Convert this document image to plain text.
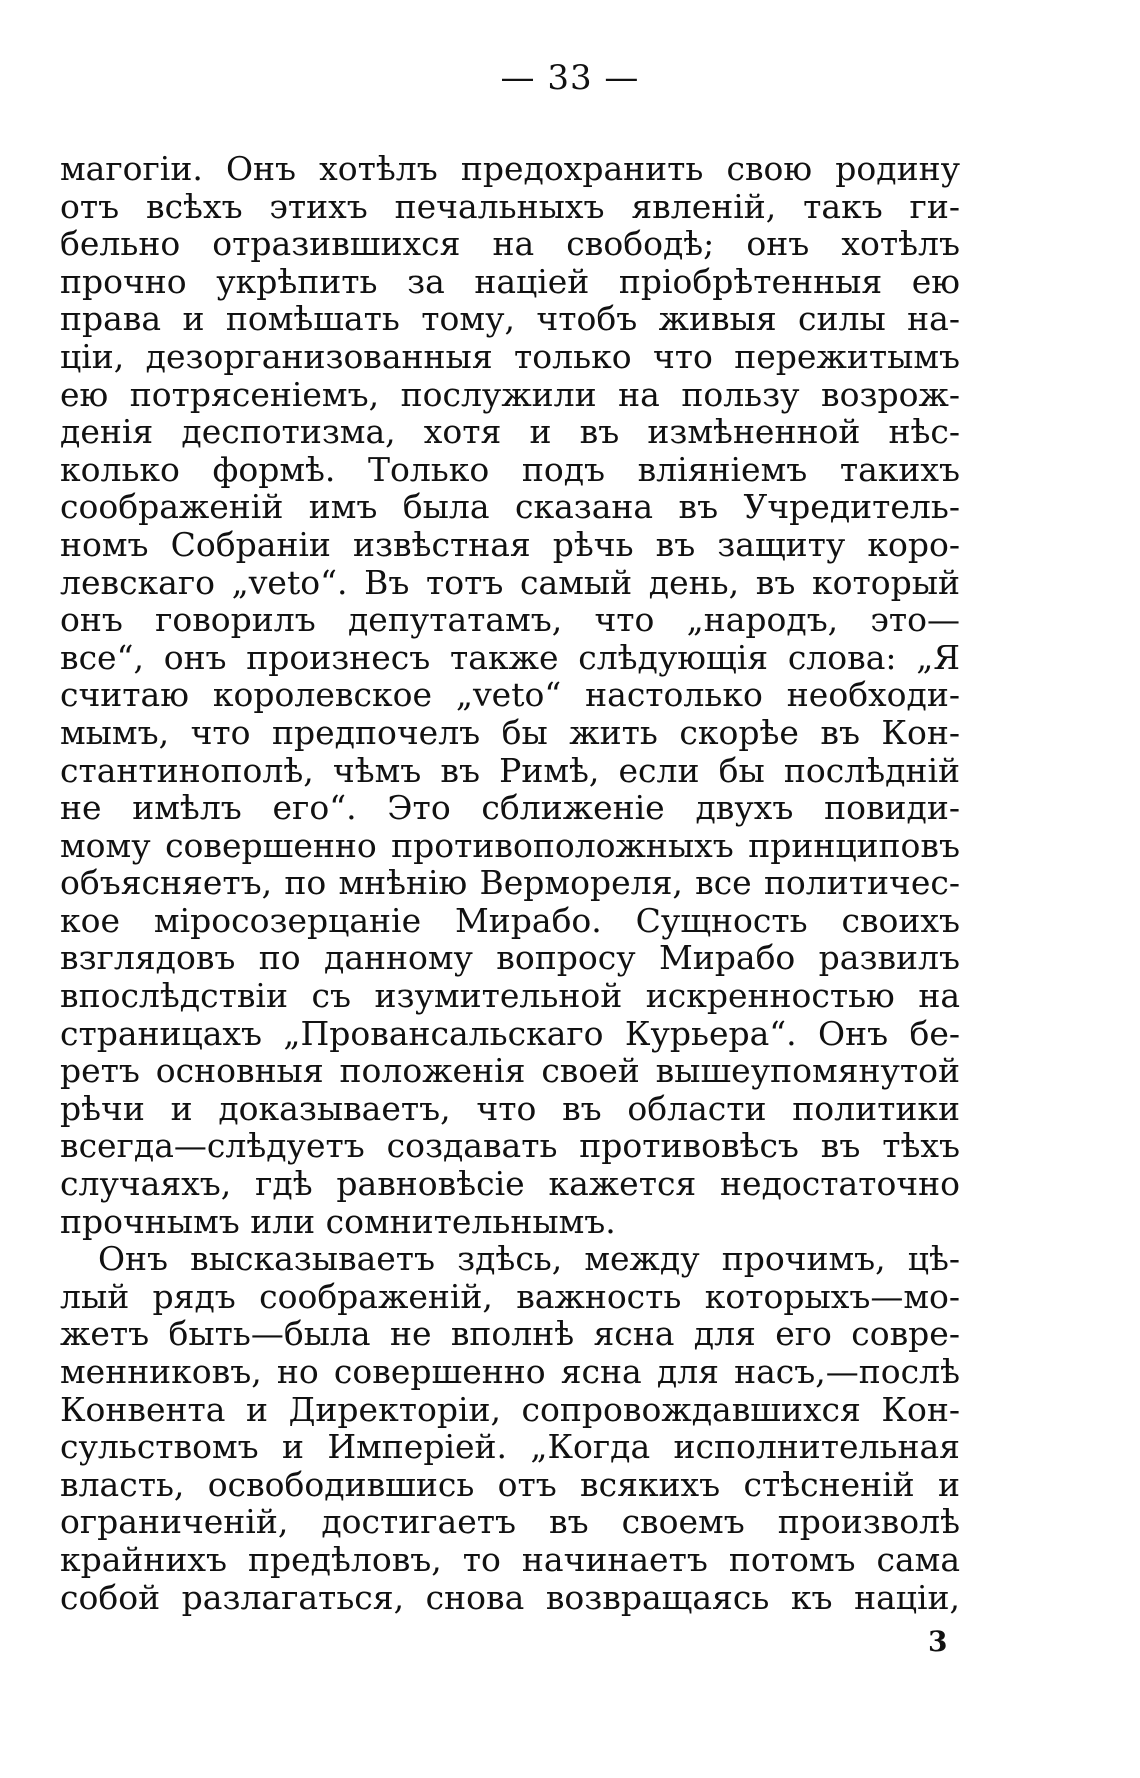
— 33 —
магогіи. Онъ хотѣлъ предохранить свою родину
отъ всѣхъ этихъ печальныхъ явленій, такъ ги-
бельно отразившихся на свободѣ; онъ хотѣлъ
прочно укрѣпить за націей пріобрѣтенныя ею
права и помѣшать тому, чтобъ живыя силы на-
ціи, дезорганизованныя только что пережитымъ
ею потрясеніемъ, послужили на пользу возрож-
денія деспотизма, хотя и въ измѣненной нѣс-
колько формѣ. Только подъ вліяніемъ такихъ
соображеній имъ была сказана въ Учредитель-
номъ Собраніи извѣстная рѣчь въ защиту коро-
левскаго „veto“. Въ тотъ самый день, въ который
онъ говорилъ депутатамъ, что „народъ, это—
все“, онъ произнесъ также слѣдующія слова: „Я
считаю королевское „veto“ настолько необходи-
мымъ, что предпочелъ бы жить скорѣе въ Кон-
стантинополѣ, чѣмъ въ Римѣ, если бы послѣдній
не имѣлъ его“. Это сближеніе двухъ повиди-
мому совершенно противоположныхъ принциповъ
объясняетъ, по мнѣнію Верморeля, все политичес-
кое міросозерцаніе Мирабо. Сущность своихъ
взглядовъ по данному вопросу Мирабо развилъ
впослѣдствіи съ изумительной искренностью на
страницахъ „Провансальскаго Курьера“. Онъ бе-
ретъ основныя положенія своей вышеупомянутой
рѣчи и доказываетъ, что въ области политики
всегда—слѣдуетъ создавать противовѣсъ въ тѣхъ
случаяхъ, гдѣ равновѣсіе кажется недостаточно
прочнымъ или сомнительнымъ.
Онъ высказываетъ здѣсь, между прочимъ, цѣ-
лый рядъ соображеній, важность которыхъ—мо-
жетъ быть—была не вполнѣ ясна для его совре-
менниковъ, но совершенно ясна для насъ,—послѣ
Конвента и Директоріи, сопровождавшихся Кон-
сульствомъ и Имперіей. „Когда исполнительная
власть, освободившись отъ всякихъ стѣсненій и
ограниченій, достигаетъ въ своемъ произволѣ
крайнихъ предѣловъ, то начинаетъ потомъ сама
собой разлагаться, снова возвращаясь къ націи,
3
